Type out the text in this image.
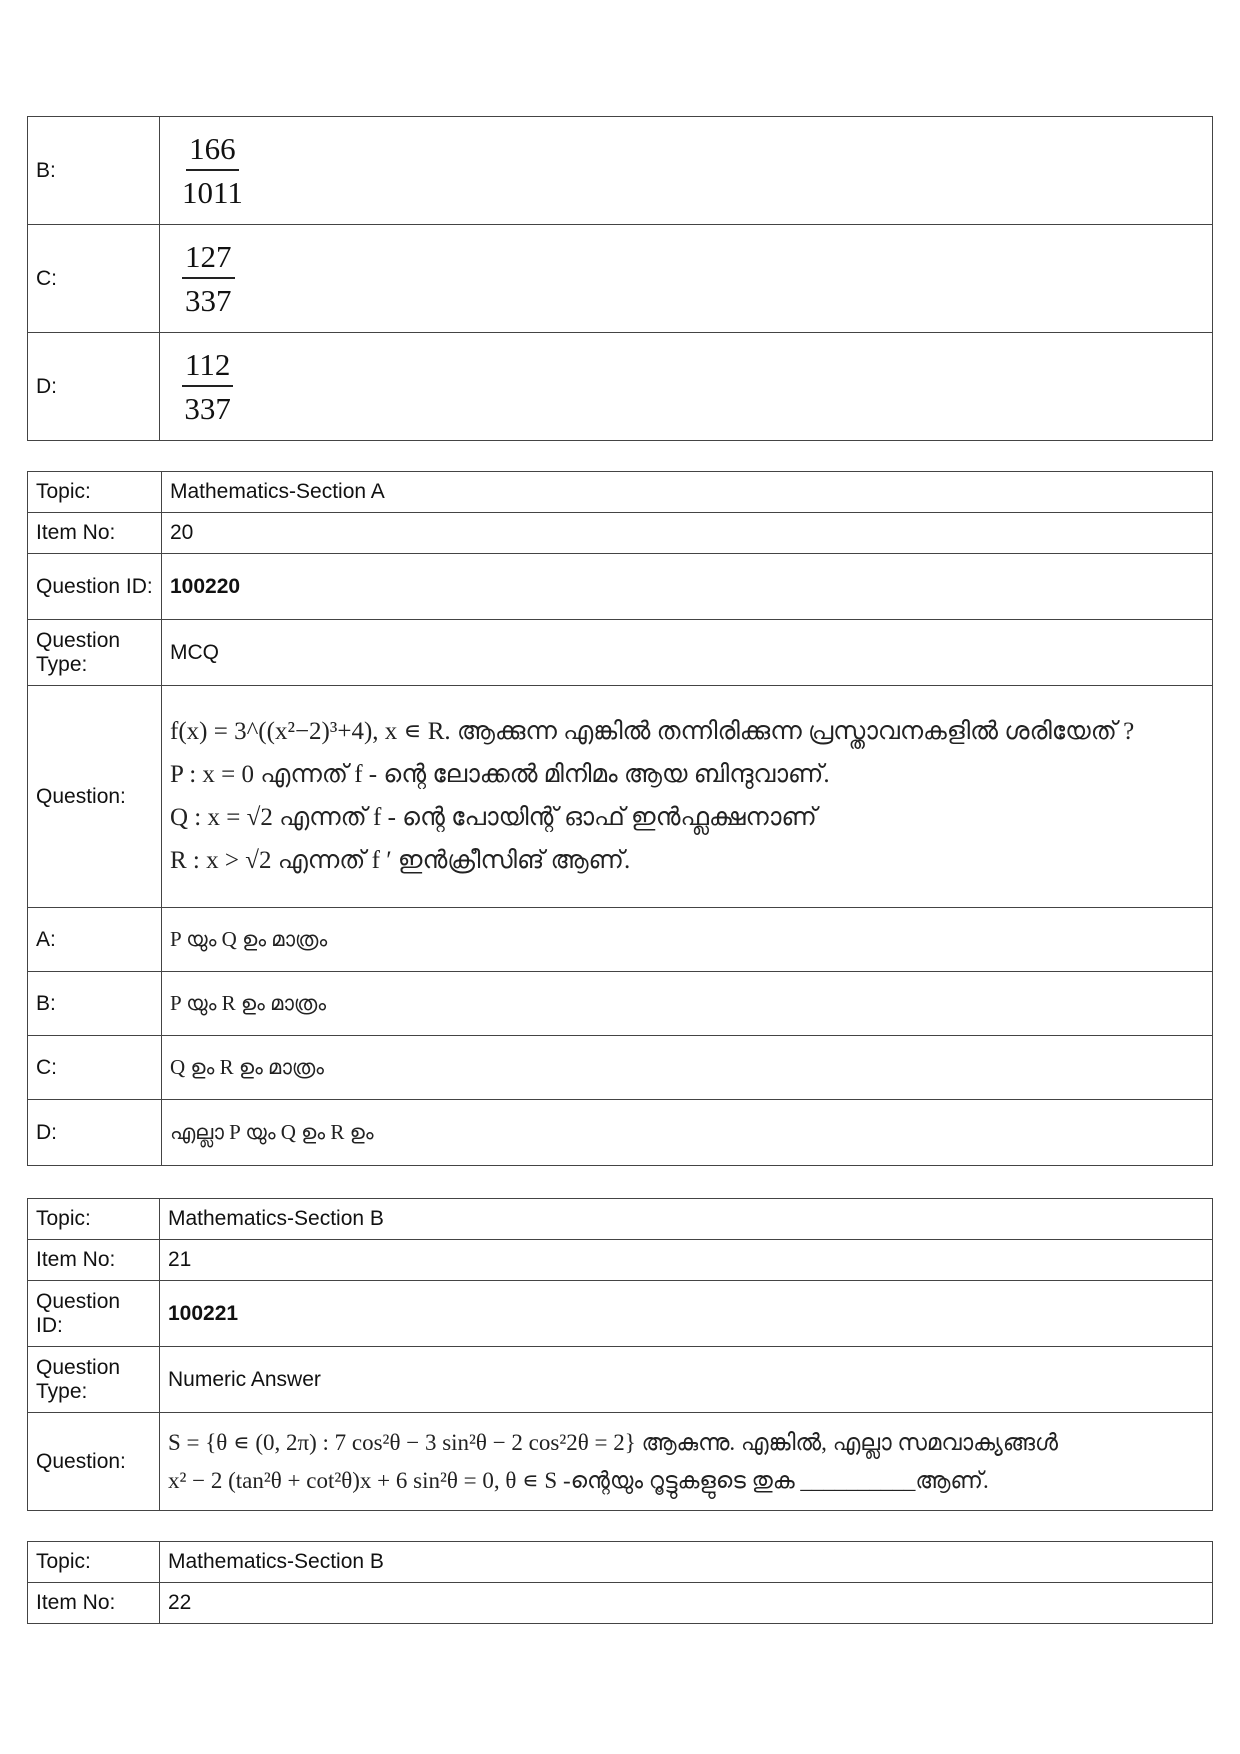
B:	$\frac{166}{1011}$

C:	$\frac{127}{337}$

D:	$\frac{112}{337}$
Topic:	Mathematics-Section A
Item No:	20
Question ID:	100220
Question Type:	MCQ
Question:	f(x) = 3^((x²−2)³+4), x ∊ R. ആക്കുന്ന എങ്കിൽ തന്നിരിക്കുന്ന പ്രസ്താവനകളിൽ ശരിയേത് ?
P : x = 0 എന്നത് f - ന്റെ ലോക്കൽ മിനിമം ആയ ബിന്ദുവാണ്.
Q : x = √2 എന്നത് f - ന്റെ പോയിന്റ് ഓഫ് ഇൻഫ്ലക്ഷനാണ്
R : x > √2 എന്നത് f ′ ഇൻക്രീസിങ് ആണ്.

A:	P യും Q ഉം മാത്രം
B:	P യും R ഉം മാത്രം
C:	Q ഉം R ഉം മാത്രം
D:	എല്ലാ P യും Q ഉം R ഉം
Topic:	Mathematics-Section B
Item No:	21
Question ID:	100221
Question Type:	Numeric Answer
Question:	S = {θ ∊ (0, 2π) : 7 cos²θ − 3 sin²θ − 2 cos²2θ = 2} ആകുന്നു. എങ്കിൽ, എല്ലാ സമവാക്യങ്ങൾ
x² − 2 (tan²θ + cot²θ)x + 6 sin²θ = 0, θ ∊ S -ന്റെയും റൂട്ടുകളുടെ തുക __________ആണ്.
Topic:	Mathematics-Section B
Item No:	22
